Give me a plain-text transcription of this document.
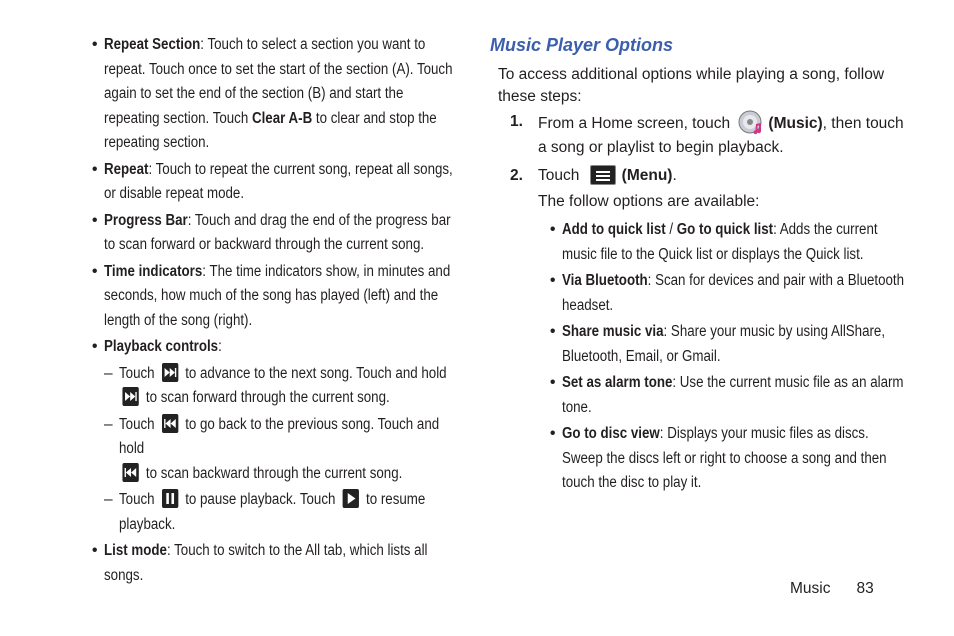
• Repeat Section: Touch to select a section you want to repeat. Touch once to set the start of the section (A). Touch again to set the end of the section (B) and start the repeating section. Touch Clear A-B to clear and stop the repeating section.
• Repeat: Touch to repeat the current song, repeat all songs, or disable repeat mode.
• Progress Bar: Touch and drag the end of the progress bar to scan forward or backward through the current song.
• Time indicators: The time indicators show, in minutes and seconds, how much of the song has played (left) and the length of the song (right).
• Playback controls:
– Touch
to advance to the next song. Touch and hold
to scan forward through the current song.
– Touch
to go back to the previous song. Touch and hold

to scan backward through the current song.
– Touch
to pause playback. Touch
to resume playback.
• List mode: Touch to switch to the All tab, which lists all songs.
Music Player Options
To access additional options while playing a song, follow these steps:
1. From a Home screen, touch (Music), then touch a song or playlist to begin playback.
2. Touch (Menu).
The follow options are available:
• Add to quick list / Go to quick list: Adds the current music file to the Quick list or displays the Quick list.
• Via Bluetooth: Scan for devices and pair with a Bluetooth headset.
• Share music via: Share your music by using AllShare, Bluetooth, Email, or Gmail.
• Set as alarm tone: Use the current music file as an alarm tone.
• Go to disc view: Displays your music files as discs. Sweep the discs left or right to choose a song and then touch the disc to play it.
Music 83
